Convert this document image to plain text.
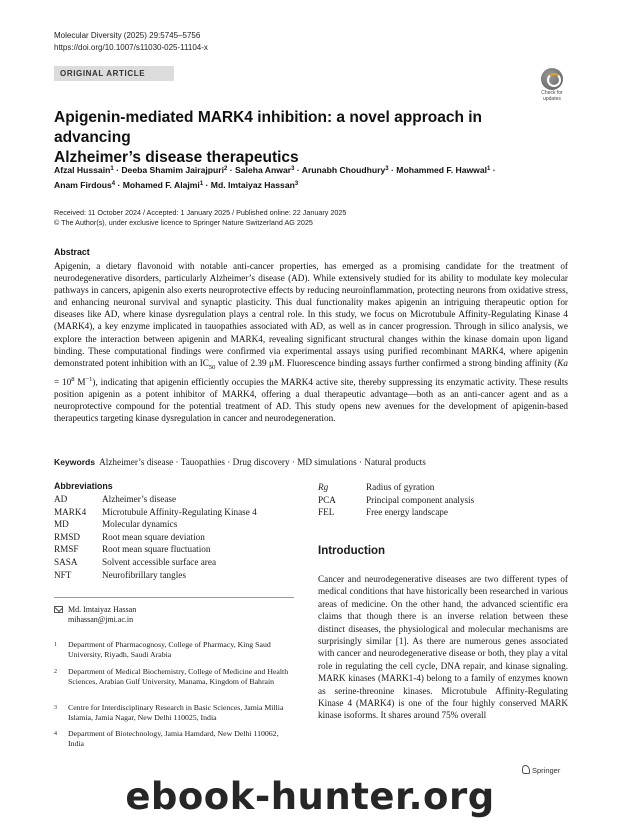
Molecular Diversity (2025) 29:5745–5756
https://doi.org/10.1007/s11030-025-11104-x
ORIGINAL ARTICLE
Check for
updates
Apigenin-mediated MARK4 inhibition: a novel approach in advancing
Alzheimer’s disease therapeutics
Afzal Hussain$^1$ · Deeba Shamim Jairajpuri$^2$ · Saleha Anwar$^3$ · Arunabh Choudhury$^3$ · Mohammed F. Hawwal$^1$ ·
Anam Firdous$^4$ · Mohamed F. Alajmi$^1$ · Md. Imtaiyaz Hassan$^3$
Received: 11 October 2024 / Accepted: 1 January 2025 / Published online: 22 January 2025
© The Author(s), under exclusive licence to Springer Nature Switzerland AG 2025
Abstract
Apigenin, a dietary flavonoid with notable anti-cancer properties, has emerged as a promising candidate for the treatment of neurodegenerative disorders, particularly Alzheimer’s disease (AD). While extensively studied for its ability to modulate key molecular pathways in cancers, apigenin also exerts neuroprotective effects by reducing neuroinflammation, protecting neurons from oxidative stress, and enhancing neuronal survival and synaptic plasticity. This dual functionality makes apigenin an intriguing therapeutic option for diseases like AD, where kinase dysregulation plays a central role. In this study, we focus on Microtubule Affinity-Regulating Kinase 4 (MARK4), a key enzyme implicated in tauopathies associated with AD, as well as in cancer progression. Through in silico analysis, we explore the interaction between apigenin and MARK4, revealing significant structural changes within the kinase domain upon ligand binding. These computational findings were confirmed via experimental assays using purified recombinant MARK4, where apigenin demonstrated potent inhibition with an $IC_{50}$ value of 2.39 μM. Fluorescence binding assays further confirmed a strong binding affinity ($Ka = 10^8$ $M^{-1}$), indicating that apigenin efficiently occupies the MARK4 active site, thereby suppressing its enzymatic activity. These results position apigenin as a potent inhibitor of MARK4, offering a dual therapeutic advantage—both as an anti-cancer agent and as a neuroprotective compound for the potential treatment of AD. This study opens new avenues for the development of apigenin-based therapeutics targeting kinase dysregulation in cancer and neurodegeneration.
Keywords Alzheimer’s disease · Tauopathies · Drug discovery · MD simulations · Natural products
Abbreviations
AD	Alzheimer’s disease
MARK4	Microtubule Affinity-Regulating Kinase 4
MD	Molecular dynamics
RMSD	Root mean square deviation
RMSF	Root mean square fluctuation
SASA	Solvent accessible surface area
NFT	Neurofibrillary tangles
Rg	Radius of gyration
PCA	Principal component analysis
FEL	Free energy landscape
Md. Imtaiyaz Hassan
mihassan@jmi.ac.in
1 Department of Pharmacognosy, College of Pharmacy, King Saud University, Riyadh, Saudi Arabia
2 Department of Medical Biochemistry, College of Medicine and Health Sciences, Arabian Gulf University, Manama, Kingdom of Bahrain
3 Centre for Interdisciplinary Research in Basic Sciences, Jamia Millia Islamia, Jamia Nagar, New Delhi 110025, India
4 Department of Biotechnology, Jamia Hamdard, New Delhi 110062, India
Introduction
Cancer and neurodegenerative diseases are two different types of medical conditions that have historically been researched in various areas of medicine. On the other hand, the advanced scientific era claims that though there is an inverse relation between these distinct diseases, the physiological and molecular mechanisms are surprisingly similar [1]. As there are numerous genes associated with cancer and neurodegenerative disease or both, they play a vital role in regulating the cell cycle, DNA repair, and kinase signaling. MARK kinases (MARK1-4) belong to a family of enzymes known as serine-threonine kinases. Microtubule Affinity-Regulating Kinase 4 (MARK4) is one of the four highly conserved MARK kinase isoforms. It shares around 75% overall
Springer
ebook-hunter.org
